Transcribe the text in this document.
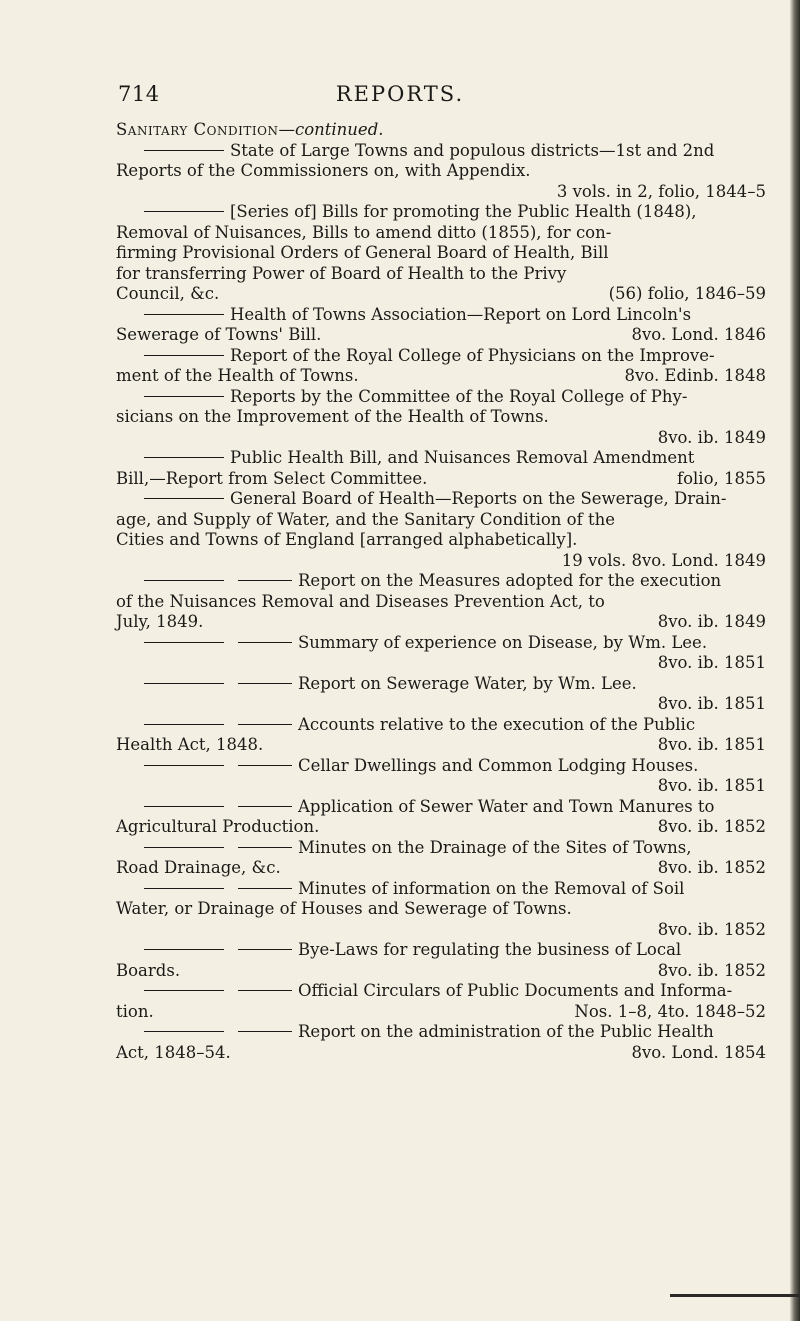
714	REPORTS.

Sanitary Condition—continued.

State of Large Towns and populous districts—1st and 2nd
Reports of the Commissioners on, with Appendix.
3 vols. in 2, folio, 1844–5

[Series of] Bills for promoting the Public Health (1848),
Removal of Nuisances, Bills to amend ditto (1855), for con-
firming Provisional Orders of General Board of Health, Bill
for transferring Power of Board of Health to the Privy
Council, &c.	(56) folio, 1846–59

Health of Towns Association—Report on Lord Lincoln's
Sewerage of Towns' Bill.	8vo. Lond. 1846

Report of the Royal College of Physicians on the Improve-
ment of the Health of Towns.	8vo. Edinb. 1848

Reports by the Committee of the Royal College of Phy-
sicians on the Improvement of the Health of Towns.
8vo. ib. 1849

Public Health Bill, and Nuisances Removal Amendment
Bill,—Report from Select Committee.	folio, 1855

General Board of Health—Reports on the Sewerage, Drain-
age, and Supply of Water, and the Sanitary Condition of the
Cities and Towns of England [arranged alphabetically].
19 vols. 8vo. Lond. 1849

Report on the Measures adopted for the execution
of the Nuisances Removal and Diseases Prevention Act, to
July, 1849.	8vo. ib. 1849

Summary of experience on Disease, by Wm. Lee.
8vo. ib. 1851

Report on Sewerage Water, by Wm. Lee.
8vo. ib. 1851

Accounts relative to the execution of the Public
Health Act, 1848.	8vo. ib. 1851

Cellar Dwellings and Common Lodging Houses.
8vo. ib. 1851

Application of Sewer Water and Town Manures to
Agricultural Production.	8vo. ib. 1852

Minutes on the Drainage of the Sites of Towns,
Road Drainage, &c.	8vo. ib. 1852

Minutes of information on the Removal of Soil
Water, or Drainage of Houses and Sewerage of Towns.
8vo. ib. 1852

Bye-Laws for regulating the business of Local
Boards.	8vo. ib. 1852

Official Circulars of Public Documents and Informa-
tion.	Nos. 1–8, 4to. 1848–52

Report on the administration of the Public Health
Act, 1848–54.	8vo. Lond. 1854
